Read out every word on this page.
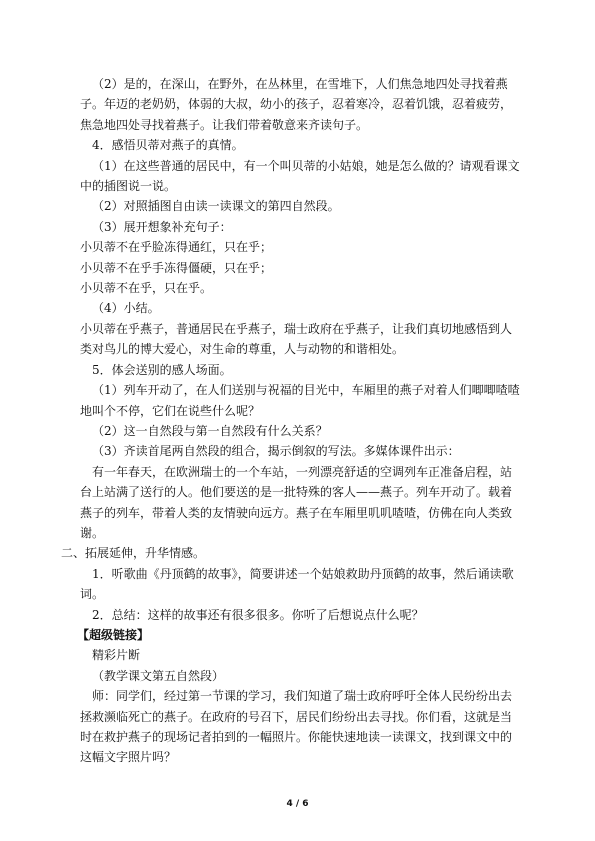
（2）是的，在深山，在野外，在丛林里，在雪堆下，人们焦急地四处寻找着燕子。年迈的老奶奶，体弱的大叔，幼小的孩子，忍着寒冷，忍着饥饿，忍着疲劳，焦急地四处寻找着燕子。让我们带着敬意来齐读句子。

4．感悟贝蒂对燕子的真情。

（1）在这些普通的居民中，有一个叫贝蒂的小姑娘，她是怎么做的？请观看课文中的插图说一说。

（2）对照插图自由读一读课文的第四自然段。

（3）展开想象补充句子：

小贝蒂不在乎脸冻得通红，只在乎；

小贝蒂不在乎手冻得僵硬，只在乎；

小贝蒂不在乎，只在乎。

（4）小结。

小贝蒂在乎燕子，普通居民在乎燕子，瑞士政府在乎燕子，让我们真切地感悟到人类对鸟儿的博大爱心，对生命的尊重，人与动物的和谐相处。

5．体会送别的感人场面。

（1）列车开动了，在人们送别与祝福的目光中，车厢里的燕子对着人们唧唧喳喳地叫个不停，它们在说些什么呢？

（2）这一自然段与第一自然段有什么关系？

（3）齐读首尾两自然段的组合，揭示倒叙的写法。多媒体课件出示：

有一年春天，在欧洲瑞士的一个车站，一列漂亮舒适的空调列车正准备启程，站台上站满了送行的人。他们要送的是一批特殊的客人——燕子。列车开动了。载着燕子的列车，带着人类的友情驶向远方。燕子在车厢里叽叽喳喳，仿佛在向人类致谢。

二、拓展延伸，升华情感。

1．听歌曲《丹顶鹤的故事》，简要讲述一个姑娘救助丹顶鹤的故事，然后诵读歌词。

2．总结：这样的故事还有很多很多。你听了后想说点什么呢？

【超级链接】

精彩片断

（教学课文第五自然段）

师：同学们，经过第一节课的学习，我们知道了瑞士政府呼吁全体人民纷纷出去拯救濒临死亡的燕子。在政府的号召下，居民们纷纷出去寻找。你们看，这就是当时在救护燕子的现场记者拍到的一幅照片。你能快速地读一读课文，找到课文中的这幅文字照片吗？

4 / 6
